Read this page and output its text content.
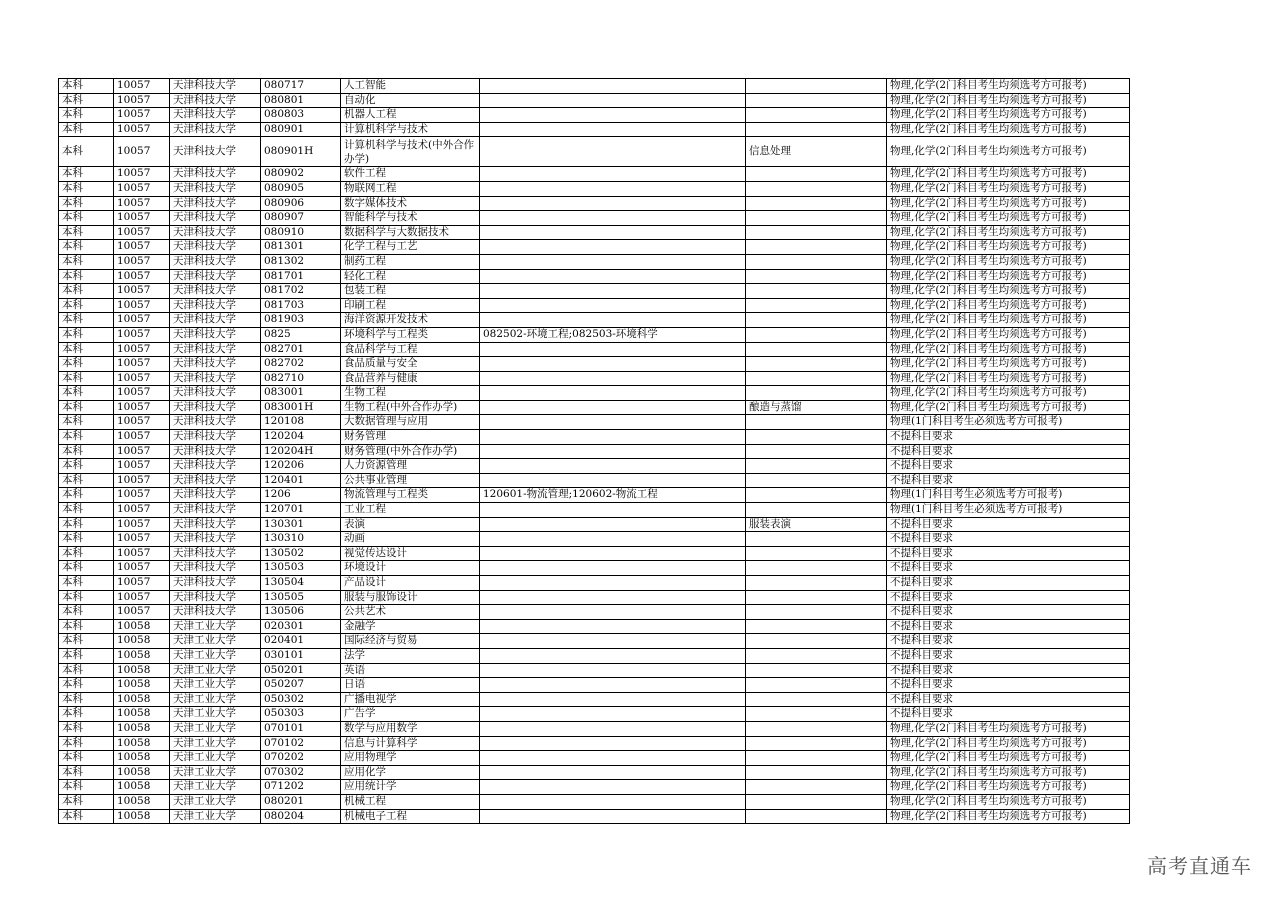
本科	10057	天津科技大学	080717	人工智能			物理,化学(2门科目考生均须选考方可报考)
本科	10057	天津科技大学	080801	自动化			物理,化学(2门科目考生均须选考方可报考)
本科	10057	天津科技大学	080803	机器人工程			物理,化学(2门科目考生均须选考方可报考)
本科	10057	天津科技大学	080901	计算机科学与技术			物理,化学(2门科目考生均须选考方可报考)
本科	10057	天津科技大学	080901H	计算机科学与技术(中外合作办学)		信息处理	物理,化学(2门科目考生均须选考方可报考)
本科	10057	天津科技大学	080902	软件工程			物理,化学(2门科目考生均须选考方可报考)
本科	10057	天津科技大学	080905	物联网工程			物理,化学(2门科目考生均须选考方可报考)
本科	10057	天津科技大学	080906	数字媒体技术			物理,化学(2门科目考生均须选考方可报考)
本科	10057	天津科技大学	080907	智能科学与技术			物理,化学(2门科目考生均须选考方可报考)
本科	10057	天津科技大学	080910	数据科学与大数据技术			物理,化学(2门科目考生均须选考方可报考)
本科	10057	天津科技大学	081301	化学工程与工艺			物理,化学(2门科目考生均须选考方可报考)
本科	10057	天津科技大学	081302	制药工程			物理,化学(2门科目考生均须选考方可报考)
本科	10057	天津科技大学	081701	轻化工程			物理,化学(2门科目考生均须选考方可报考)
本科	10057	天津科技大学	081702	包装工程			物理,化学(2门科目考生均须选考方可报考)
本科	10057	天津科技大学	081703	印刷工程			物理,化学(2门科目考生均须选考方可报考)
本科	10057	天津科技大学	081903	海洋资源开发技术			物理,化学(2门科目考生均须选考方可报考)
本科	10057	天津科技大学	0825	环境科学与工程类	082502-环境工程;082503-环境科学		物理,化学(2门科目考生均须选考方可报考)
本科	10057	天津科技大学	082701	食品科学与工程			物理,化学(2门科目考生均须选考方可报考)
本科	10057	天津科技大学	082702	食品质量与安全			物理,化学(2门科目考生均须选考方可报考)
本科	10057	天津科技大学	082710	食品营养与健康			物理,化学(2门科目考生均须选考方可报考)
本科	10057	天津科技大学	083001	生物工程			物理,化学(2门科目考生均须选考方可报考)
本科	10057	天津科技大学	083001H	生物工程(中外合作办学)		酿造与蒸馏	物理,化学(2门科目考生均须选考方可报考)
本科	10057	天津科技大学	120108	大数据管理与应用			物理(1门科目考生必须选考方可报考)
本科	10057	天津科技大学	120204	财务管理			不提科目要求
本科	10057	天津科技大学	120204H	财务管理(中外合作办学)			不提科目要求
本科	10057	天津科技大学	120206	人力资源管理			不提科目要求
本科	10057	天津科技大学	120401	公共事业管理			不提科目要求
本科	10057	天津科技大学	1206	物流管理与工程类	120601-物流管理;120602-物流工程		物理(1门科目考生必须选考方可报考)
本科	10057	天津科技大学	120701	工业工程			物理(1门科目考生必须选考方可报考)
本科	10057	天津科技大学	130301	表演		服装表演	不提科目要求
本科	10057	天津科技大学	130310	动画			不提科目要求
本科	10057	天津科技大学	130502	视觉传达设计			不提科目要求
本科	10057	天津科技大学	130503	环境设计			不提科目要求
本科	10057	天津科技大学	130504	产品设计			不提科目要求
本科	10057	天津科技大学	130505	服装与服饰设计			不提科目要求
本科	10057	天津科技大学	130506	公共艺术			不提科目要求
本科	10058	天津工业大学	020301	金融学			不提科目要求
本科	10058	天津工业大学	020401	国际经济与贸易			不提科目要求
本科	10058	天津工业大学	030101	法学			不提科目要求
本科	10058	天津工业大学	050201	英语			不提科目要求
本科	10058	天津工业大学	050207	日语			不提科目要求
本科	10058	天津工业大学	050302	广播电视学			不提科目要求
本科	10058	天津工业大学	050303	广告学			不提科目要求
本科	10058	天津工业大学	070101	数学与应用数学			物理,化学(2门科目考生均须选考方可报考)
本科	10058	天津工业大学	070102	信息与计算科学			物理,化学(2门科目考生均须选考方可报考)
本科	10058	天津工业大学	070202	应用物理学			物理,化学(2门科目考生均须选考方可报考)
本科	10058	天津工业大学	070302	应用化学			物理,化学(2门科目考生均须选考方可报考)
本科	10058	天津工业大学	071202	应用统计学			物理,化学(2门科目考生均须选考方可报考)
本科	10058	天津工业大学	080201	机械工程			物理,化学(2门科目考生均须选考方可报考)
本科	10058	天津工业大学	080204	机械电子工程			物理,化学(2门科目考生均须选考方可报考)
高考直通车
